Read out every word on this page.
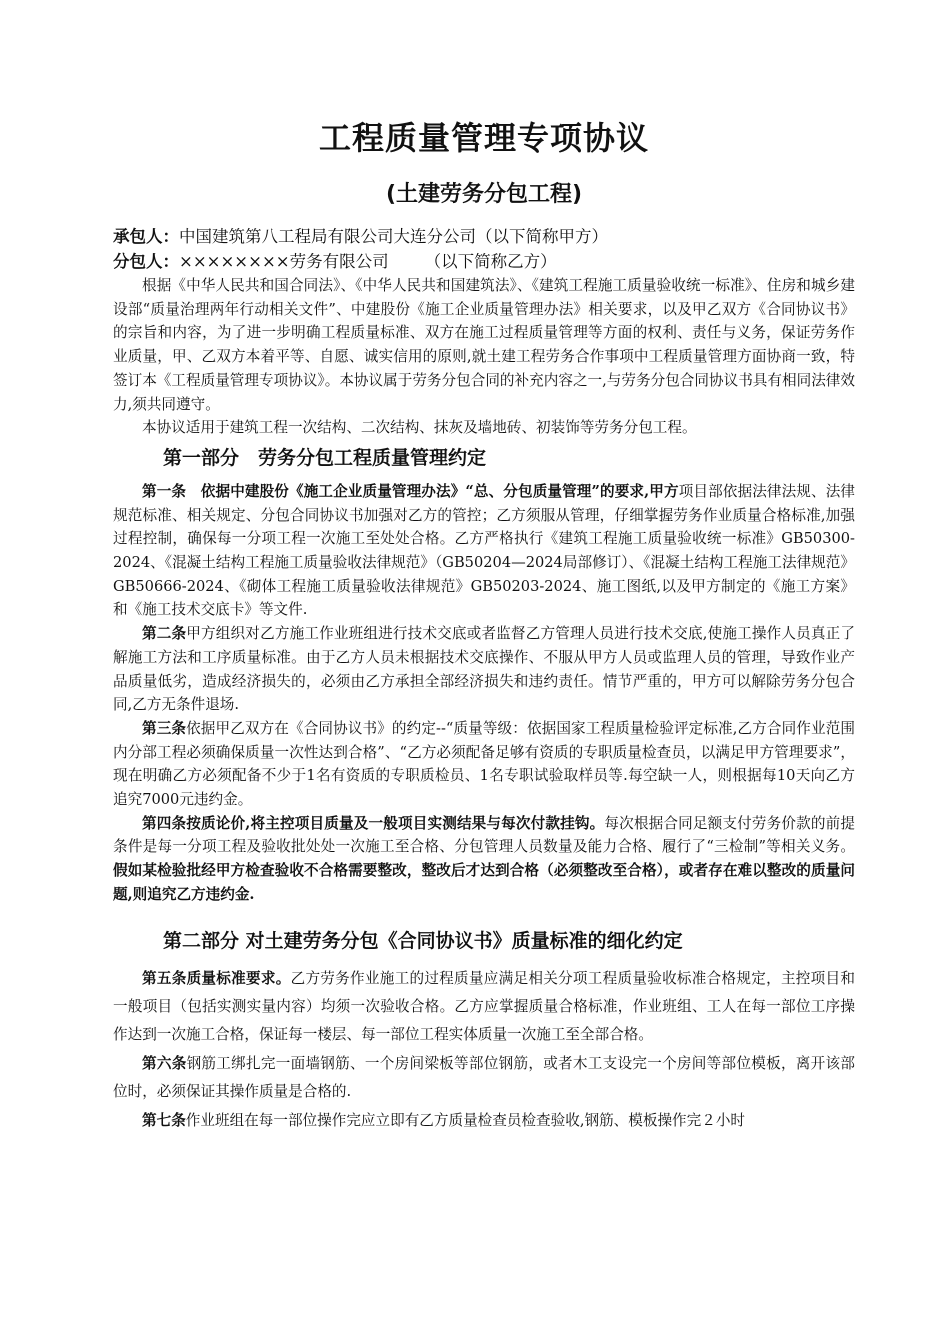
工程质量管理专项协议
(土建劳务分包工程)

承包人：中国建筑第八工程局有限公司大连分公司（以下简称甲方）

分包人：××××××××劳务有限公司 （以下简称乙方）

根据《中华人民共和国合同法》、《中华人民共和国建筑法》、《建筑工程施工质量验收统一标准》、住房和城乡建设部“质量治理两年行动相关文件”、中建股份《施工企业质量管理办法》相关要求，以及甲乙双方《合同协议书》的宗旨和内容，为了进一步明确工程质量标准、双方在施工过程质量管理等方面的权利、责任与义务，保证劳务作业质量，甲、乙双方本着平等、自愿、诚实信用的原则,就土建工程劳务合作事项中工程质量管理方面协商一致，特签订本《工程质量管理专项协议》。本协议属于劳务分包合同的补充内容之一,与劳务分包合同协议书具有相同法律效力,须共同遵守。

本协议适用于建筑工程一次结构、二次结构、抹灰及墙地砖、初装饰等劳务分包工程。

第一部分　劳务分包工程质量管理约定

第一条　依据中建股份《施工企业质量管理办法》“总、分包质量管理”的要求,甲方项目部依据法律法规、法律规范标准、相关规定、分包合同协议书加强对乙方的管控；乙方须服从管理，仔细掌握劳务作业质量合格标准,加强过程控制，确保每一分项工程一次施工至处处合格。乙方严格执行《建筑工程施工质量验收统一标准》GB50300-2024、《混凝土结构工程施工质量验收法律规范》（GB50204—2024局部修订）、《混凝土结构工程施工法律规范》GB50666-2024、《砌体工程施工质量验收法律规范》GB50203-2024、施工图纸,以及甲方制定的《施工方案》和《施工技术交底卡》等文件.

第二条甲方组织对乙方施工作业班组进行技术交底或者监督乙方管理人员进行技术交底,使施工操作人员真正了解施工方法和工序质量标准。由于乙方人员未根据技术交底操作、不服从甲方人员或监理人员的管理，导致作业产品质量低劣，造成经济损失的，必须由乙方承担全部经济损失和违约责任。情节严重的，甲方可以解除劳务分包合同,乙方无条件退场.

第三条依据甲乙双方在《合同协议书》的约定--“质量等级：依据国家工程质量检验评定标准,乙方合同作业范围内分部工程必须确保质量一次性达到合格”、“乙方必须配备足够有资质的专职质量检查员，以满足甲方管理要求”，现在明确乙方必须配备不少于1名有资质的专职质检员、1名专职试验取样员等.每空缺一人，则根据每10天向乙方追究7000元违约金。

第四条按质论价,将主控项目质量及一般项目实测结果与每次付款挂钩。每次根据合同足额支付劳务价款的前提条件是每一分项工程及验收批处处一次施工至合格、分包管理人员数量及能力合格、履行了“三检制”等相关义务。假如某检验批经甲方检查验收不合格需要整改，整改后才达到合格（必须整改至合格），或者存在难以整改的质量问题,则追究乙方违约金.

第二部分 对土建劳务分包《合同协议书》质量标准的细化约定

第五条质量标准要求。乙方劳务作业施工的过程质量应满足相关分项工程质量验收标准合格规定，主控项目和一般项目（包括实测实量内容）均须一次验收合格。乙方应掌握质量合格标准，作业班组、工人在每一部位工序操作达到一次施工合格，保证每一楼层、每一部位工程实体质量一次施工至全部合格。

第六条钢筋工绑扎完一面墙钢筋、一个房间梁板等部位钢筋，或者木工支设完一个房间等部位模板，离开该部位时，必须保证其操作质量是合格的.

第七条作业班组在每一部位操作完应立即有乙方质量检查员检查验收,钢筋、模板操作完２小时
